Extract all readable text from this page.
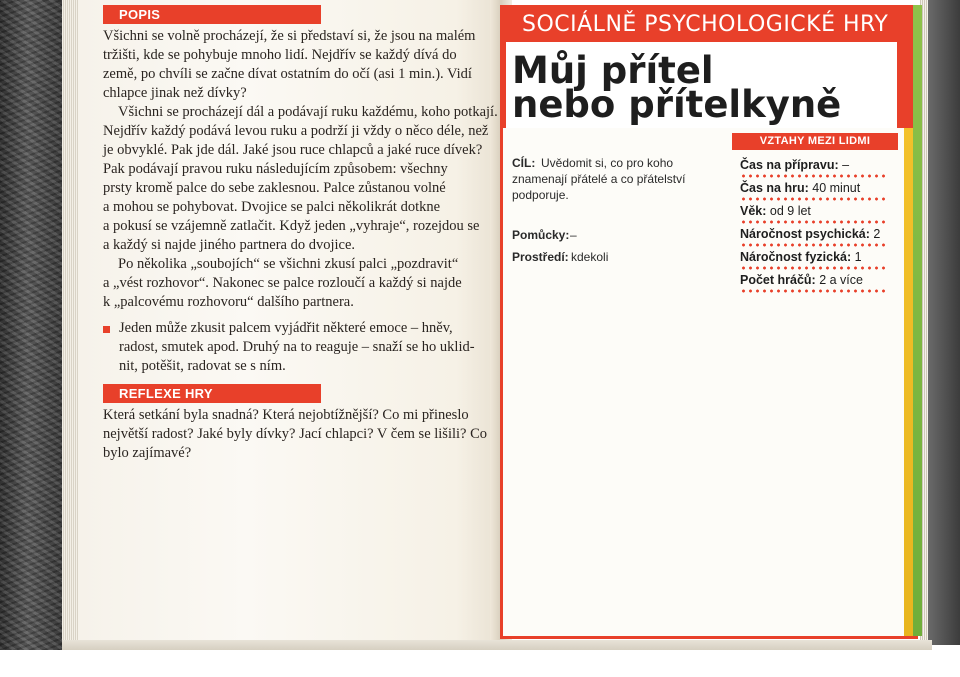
POPIS
Všichni se volně procházejí, že si představí si, že jsou na malém
tržišti, kde se pohybuje mnoho lidí. Nejdřív se každý dívá do
země, po chvíli se začne dívat ostatním do očí (asi 1 min.). Vidí
chlapce jinak než dívky?
Všichni se procházejí dál a podávají ruku každému, koho potkají.
Nejdřív každý podává levou ruku a podrží ji vždy o něco déle, než
je obvyklé. Pak jde dál. Jaké jsou ruce chlapců a jaké ruce dívek?
Pak podávají pravou ruku následujícím způsobem: všechny
prsty kromě palce do sebe zaklesnou. Palce zůstanou volné
a mohou se pohybovat. Dvojice se palci několikrát dotkne
a pokusí se vzájemně zatlačit. Když jeden „vyhraje“, rozejdou se
a každý si najde jiného partnera do dvojice.
Po několika „soubojích“ se všichni zkusí palci „pozdravit“
a „vést rozhovor“. Nakonec se palce rozloučí a každý si najde
k „palcovému rozhovoru“ dalšího partnera.
Jeden může zkusit palcem vyjádřit některé emoce – hněv,
radost, smutek apod. Druhý na to reaguje – snaží se ho uklid-
nit, potěšit, radovat se s ním.
REFLEXE HRY
Která setkání byla snadná? Která nejobtížnější? Co mi přineslo
největší radost? Jaké byly dívky? Jací chlapci? V čem se lišili? Co
bylo zajímavé?
SOCIÁLNĚ PSYCHOLOGICKÉ HRY
Můj přítel
nebo přítelkyně
VZTAHY MEZI LIDMI
CÍL: Uvědomit si, co pro koho
znamenají přátelé a co přátelství
podporuje.
Pomůcky: –
Prostředí: kdekoli
Čas na přípravu: –
Čas na hru: 40 minut
Věk: od 9 let
Náročnost psychická: 2
Náročnost fyzická: 1
Počet hráčů: 2 a více
